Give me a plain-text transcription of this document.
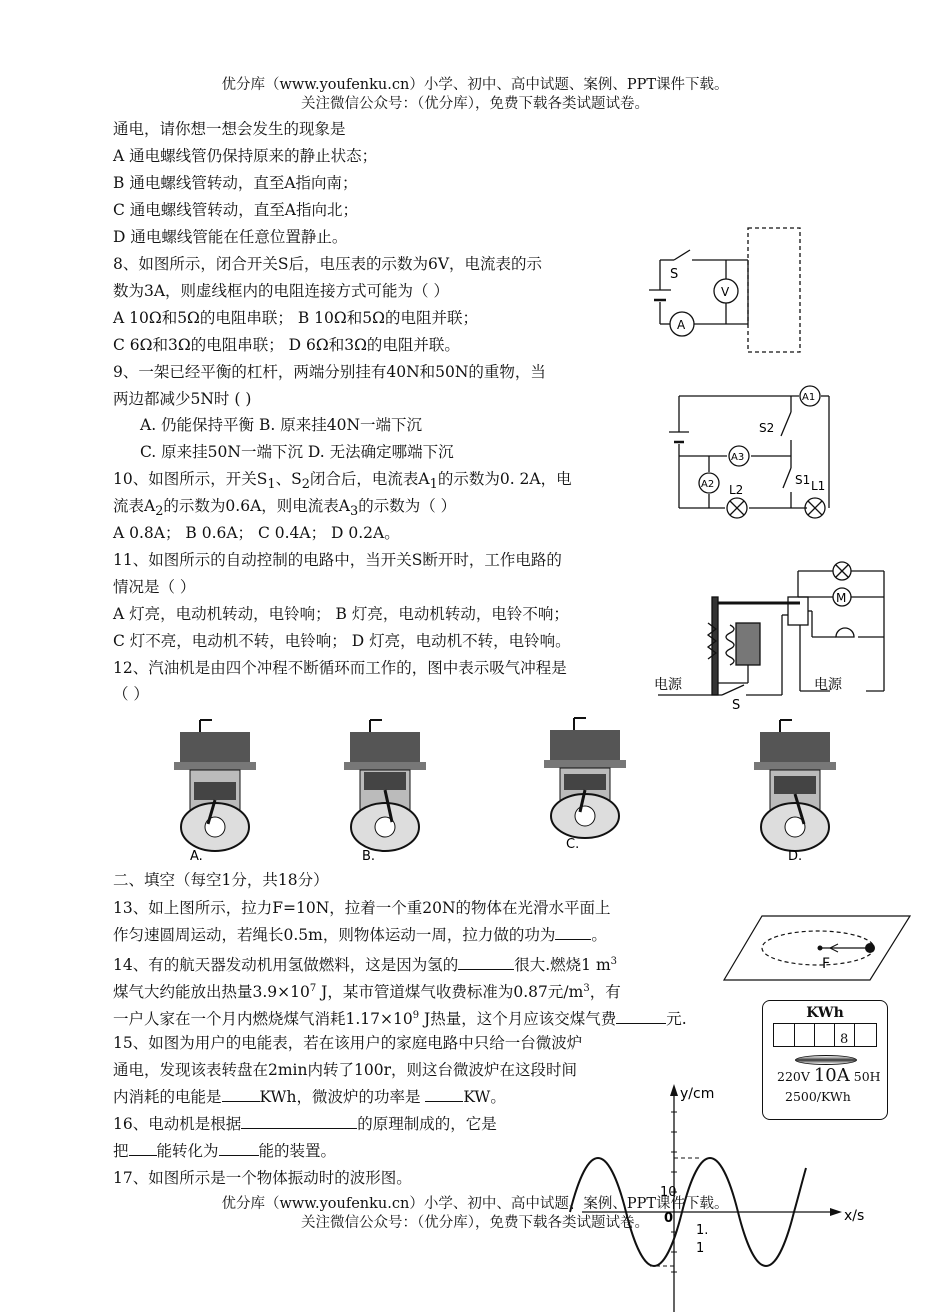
优分库（www.youfenku.cn）小学、初中、高中试题、案例、PPT课件下载。
关注微信公众号：（优分库），免费下载各类试题试卷。
通电，请你想一想会发生的现象是
A 通电螺线管仍保持原来的静止状态；
B 通电螺线管转动，直至A指向南；
C 通电螺线管转动，直至A指向北；
D 通电螺线管能在任意位置静止。
8、如图所示，闭合开关S后，电压表的示数为6V，电流表的示
数为3A，则虚线框内的电阻连接方式可能为（ ）
A 10Ω和5Ω的电阻串联； B 10Ω和5Ω的电阻并联；
C 6Ω和3Ω的电阻串联； D 6Ω和3Ω的电阻并联。
9、一架已经平衡的杠杆，两端分别挂有40N和50N的重物，当
两边都减少5N时 ( )
A. 仍能保持平衡 B. 原来挂40N一端下沉
C. 原来挂50N一端下沉 D. 无法确定哪端下沉
10、如图所示，开关$S_1$、$S_2$闭合后，电流表$A_1$的示数为0. 2A，电
流表$A_2$的示数为0.6A，则电流表$A_3$的示数为（ ）
A 0.8A； B 0.6A； C 0.4A； D 0.2A。
11、如图所示的自动控制的电路中，当开关S断开时，工作电路的
情况是（ ）
A 灯亮，电动机转动，电铃响； B 灯亮，电动机转动，电铃不响；
C 灯不亮，电动机不转，电铃响； D 灯亮，电动机不转，电铃响。
12、汽油机是由四个冲程不断循环而工作的，图中表示吸气冲程是
（ ）
二、填空（每空1分，共18分）
13、如上图所示，拉力F=10N，拉着一个重20N的物体在光滑水平面上
作匀速圆周运动，若绳长0.5m，则物体运动一周，拉力做的功为 。
14、有的航天器发动机用氢做燃料，这是因为氢的	很大.燃烧1 $m^3$
煤气大约能放出热量$3.9\times 10^7$ J，某市管道煤气收费标准为0.87元$/m^3$，有
一户人家在一个月内燃烧煤气消耗$1.17\times 10^9$ J热量，这个月应该交煤气费	元.
15、如图为用户的电能表，若在该用户的家庭电路中只给一台微波炉
通电，发现该表转盘在2min内转了100r，则这台微波炉在这段时间
内消耗的电能是 KWh，微波炉的功率是 KW。
16、电动机是根据	的原理制成的，它是
把 能转化为	能的装置。
17、如图所示是一个物体振动时的波形图。
S
V
A
A1
A3
A2
S2
S1
L2	L1
M
电源	电源
S
A.	B.
C.
D.
F
KWh
8
220V 10A 50H
2500/KWh
y/cm
x/s
10
0
1.
1
优分库（www.youfenku.cn）小学、初中、高中试题、案例、PPT课件下载。
关注微信公众号：（优分库），免费下载各类试题试卷。
